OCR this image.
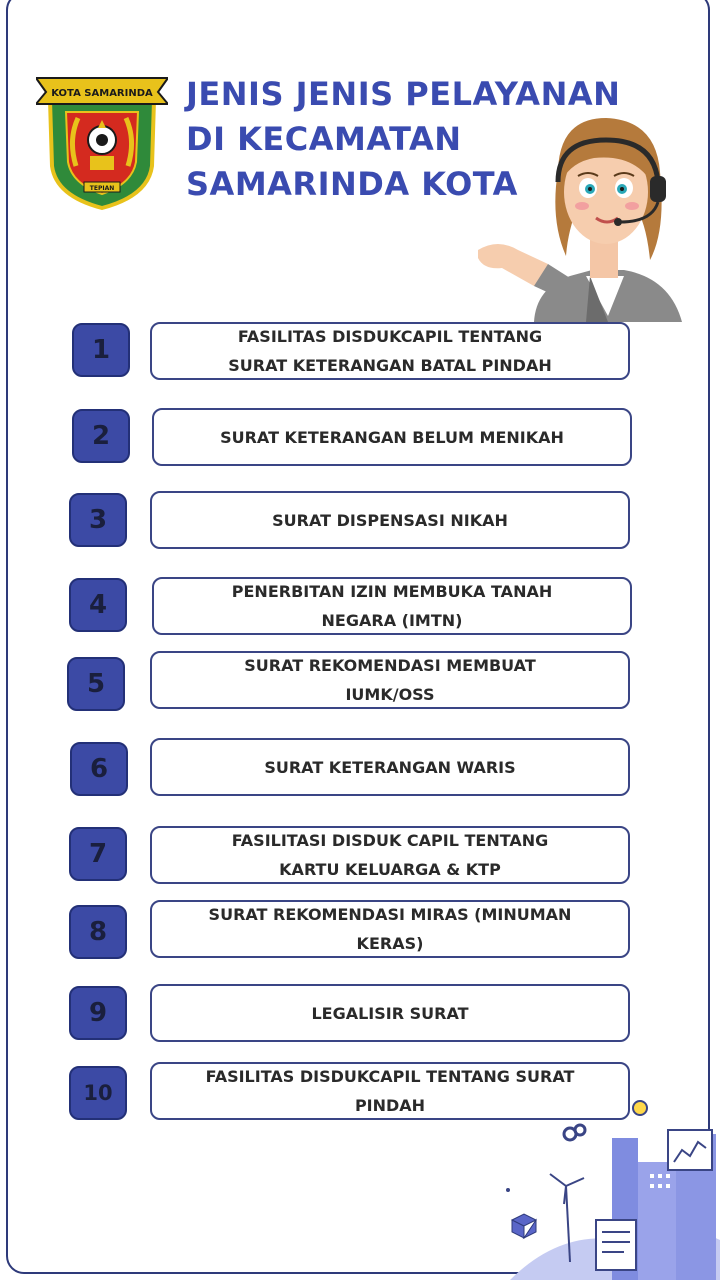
KOTA SAMARINDA
TEPIAN
JENIS JENIS PELAYANAN
DI KECAMATAN
SAMARINDA KOTA
1	FASILITAS DISDUKCAPIL TENTANG
SURAT KETERANGAN BATAL PINDAH
2	SURAT KETERANGAN BELUM MENIKAH
3	SURAT DISPENSASI NIKAH
4	PENERBITAN IZIN MEMBUKA TANAH
NEGARA (IMTN)
5
SURAT REKOMENDASI MEMBUAT
IUMK/OSS
6	SURAT KETERANGAN WARIS
7	FASILITASI DISDUK CAPIL TENTANG
KARTU KELUARGA & KTP
8
SURAT REKOMENDASI MIRAS (MINUMAN
KERAS)
9	LEGALISIR SURAT
10
FASILITAS DISDUKCAPIL TENTANG SURAT
PINDAH
